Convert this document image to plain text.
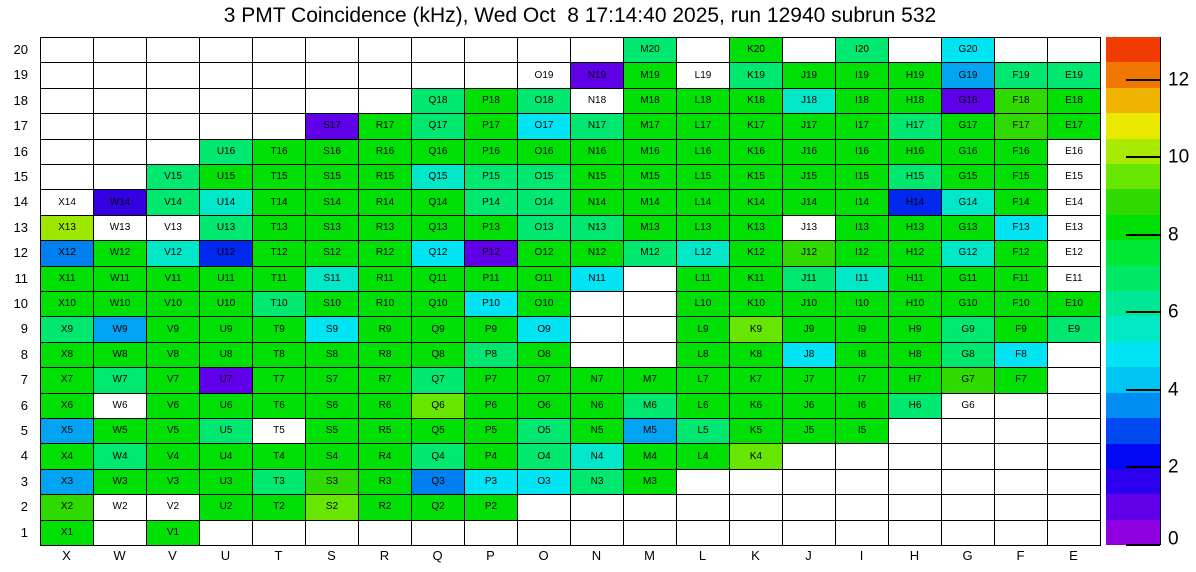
3 PMT Coincidence (kHz), Wed Oct  8 17:14:40 2025, run 12940 subrun 532
20
19
18
17
16
15
14
13
12
11
10
9
8
7
6
5
4
3
2
1
M20	K20	I20	G20
O19	N19	M19	L19	K19	J19	I19	H19	G19	F19	E19
Q18	P18	O18	N18	M18	L18	K18	J18	I18	H18	G18	F18	E18
S17	R17	Q17	P17	O17	N17	M17	L17	K17	J17	I17	H17	G17	F17	E17
U16	T16	S16	R16	Q16	P16	O16	N16	M16	L16	K16	J16	I16	H16	G16	F16	E16
V15	U15	T15	S15	R15	Q15	P15	O15	N15	M15	L15	K15	J15	I15	H15	G15	F15	E15
X14	W14	V14	U14	T14	S14	R14	Q14	P14	O14	N14	M14	L14	K14	J14	I14	H14	G14	F14	E14
X13	W13	V13	U13	T13	S13	R13	Q13	P13	O13	N13	M13	L13	K13	J13	I13	H13	G13	F13	E13
X12	W12	V12	U12	T12	S12	R12	Q12	P12	O12	N12	M12	L12	K12	J12	I12	H12	G12	F12	E12
X11	W11	V11	U11	T11	S11	R11	Q11	P11	O11	N11	L11	K11	J11	I11	H11	G11	F11	E11
X10	W10	V10	U10	T10	S10	R10	Q10	P10	O10	L10	K10	J10	I10	H10	G10	F10	E10
X9	W9	V9	U9	T9	S9	R9	Q9	P9	O9	L9	K9	J9	I9	H9	G9	F9	E9
X8	W8	V8	U8	T8	S8	R8	Q8	P8	O8	L8	K8	J8	I8	H8	G8	F8
X7	W7	V7	U7	T7	S7	R7	Q7	P7	O7	N7	M7	L7	K7	J7	I7	H7	G7	F7
X6	W6	V6	U6	T6	S6	R6	Q6	P6	O6	N6	M6	L6	K6	J6	I6	H6	G6
X5	W5	V5	U5	T5	S5	R5	Q5	P5	O5	N5	M5	L5	K5	J5	I5
X4	W4	V4	U4	T4	S4	R4	Q4	P4	O4	N4	M4	L4	K4
X3	W3	V3	U3	T3	S3	R3	Q3	P3	O3	N3	M3
X2	W2	V2	U2	T2	S2	R2	Q2	P2
X1	V1
X	W	V	U	T	S	R	Q	P	O	N	M	L	K	J	I	H	G	F	E
0
2
4
6
8
10
12
